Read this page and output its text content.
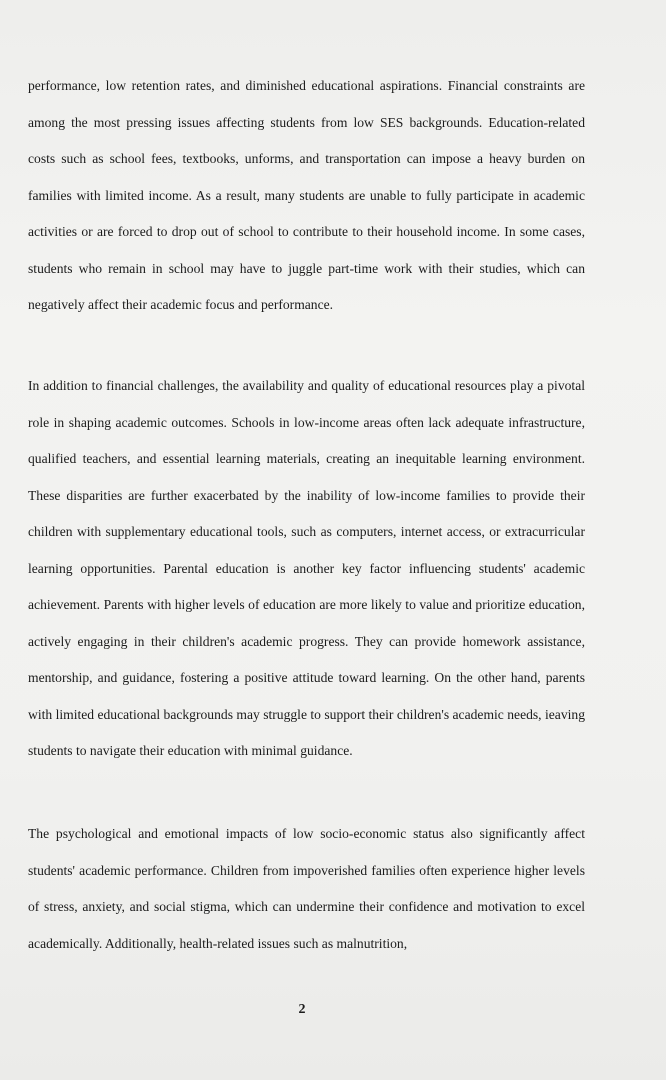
performance, low retention rates, and diminished educational aspirations. Financial constraints are among the most pressing issues affecting students from low SES backgrounds. Education-related costs such as school fees, textbooks, unforms, and transportation can impose a heavy burden on families with limited income. As a result, many students are unable to fully participate in academic activities or are forced to drop out of school to contribute to their household income. In some cases, students who remain in school may have to juggle part-time work with their studies, which can negatively affect their academic focus and performance.
In addition to financial challenges, the availability and quality of educational resources play a pivotal role in shaping academic outcomes. Schools in low-income areas often lack adequate infrastructure, qualified teachers, and essential learning materials, creating an inequitable learning environment. These disparities are further exacerbated by the inability of low-income families to provide their children with supplementary educational tools, such as computers, internet access, or extracurricular learning opportunities. Parental education is another key factor influencing students' academic achievement. Parents with higher levels of education are more likely to value and prioritize education, actively engaging in their children's academic progress. They can provide homework assistance, mentorship, and guidance, fostering a positive attitude toward learning. On the other hand, parents with limited educational backgrounds may struggle to support their children's academic needs, ieaving students to navigate their education with minimal guidance.
The psychological and emotional impacts of low socio-economic status also significantly affect students' academic performance. Children from impoverished families often experience higher levels of stress, anxiety, and social stigma, which can undermine their confidence and motivation to excel academically. Additionally, health-related issues such as malnutrition,
2
